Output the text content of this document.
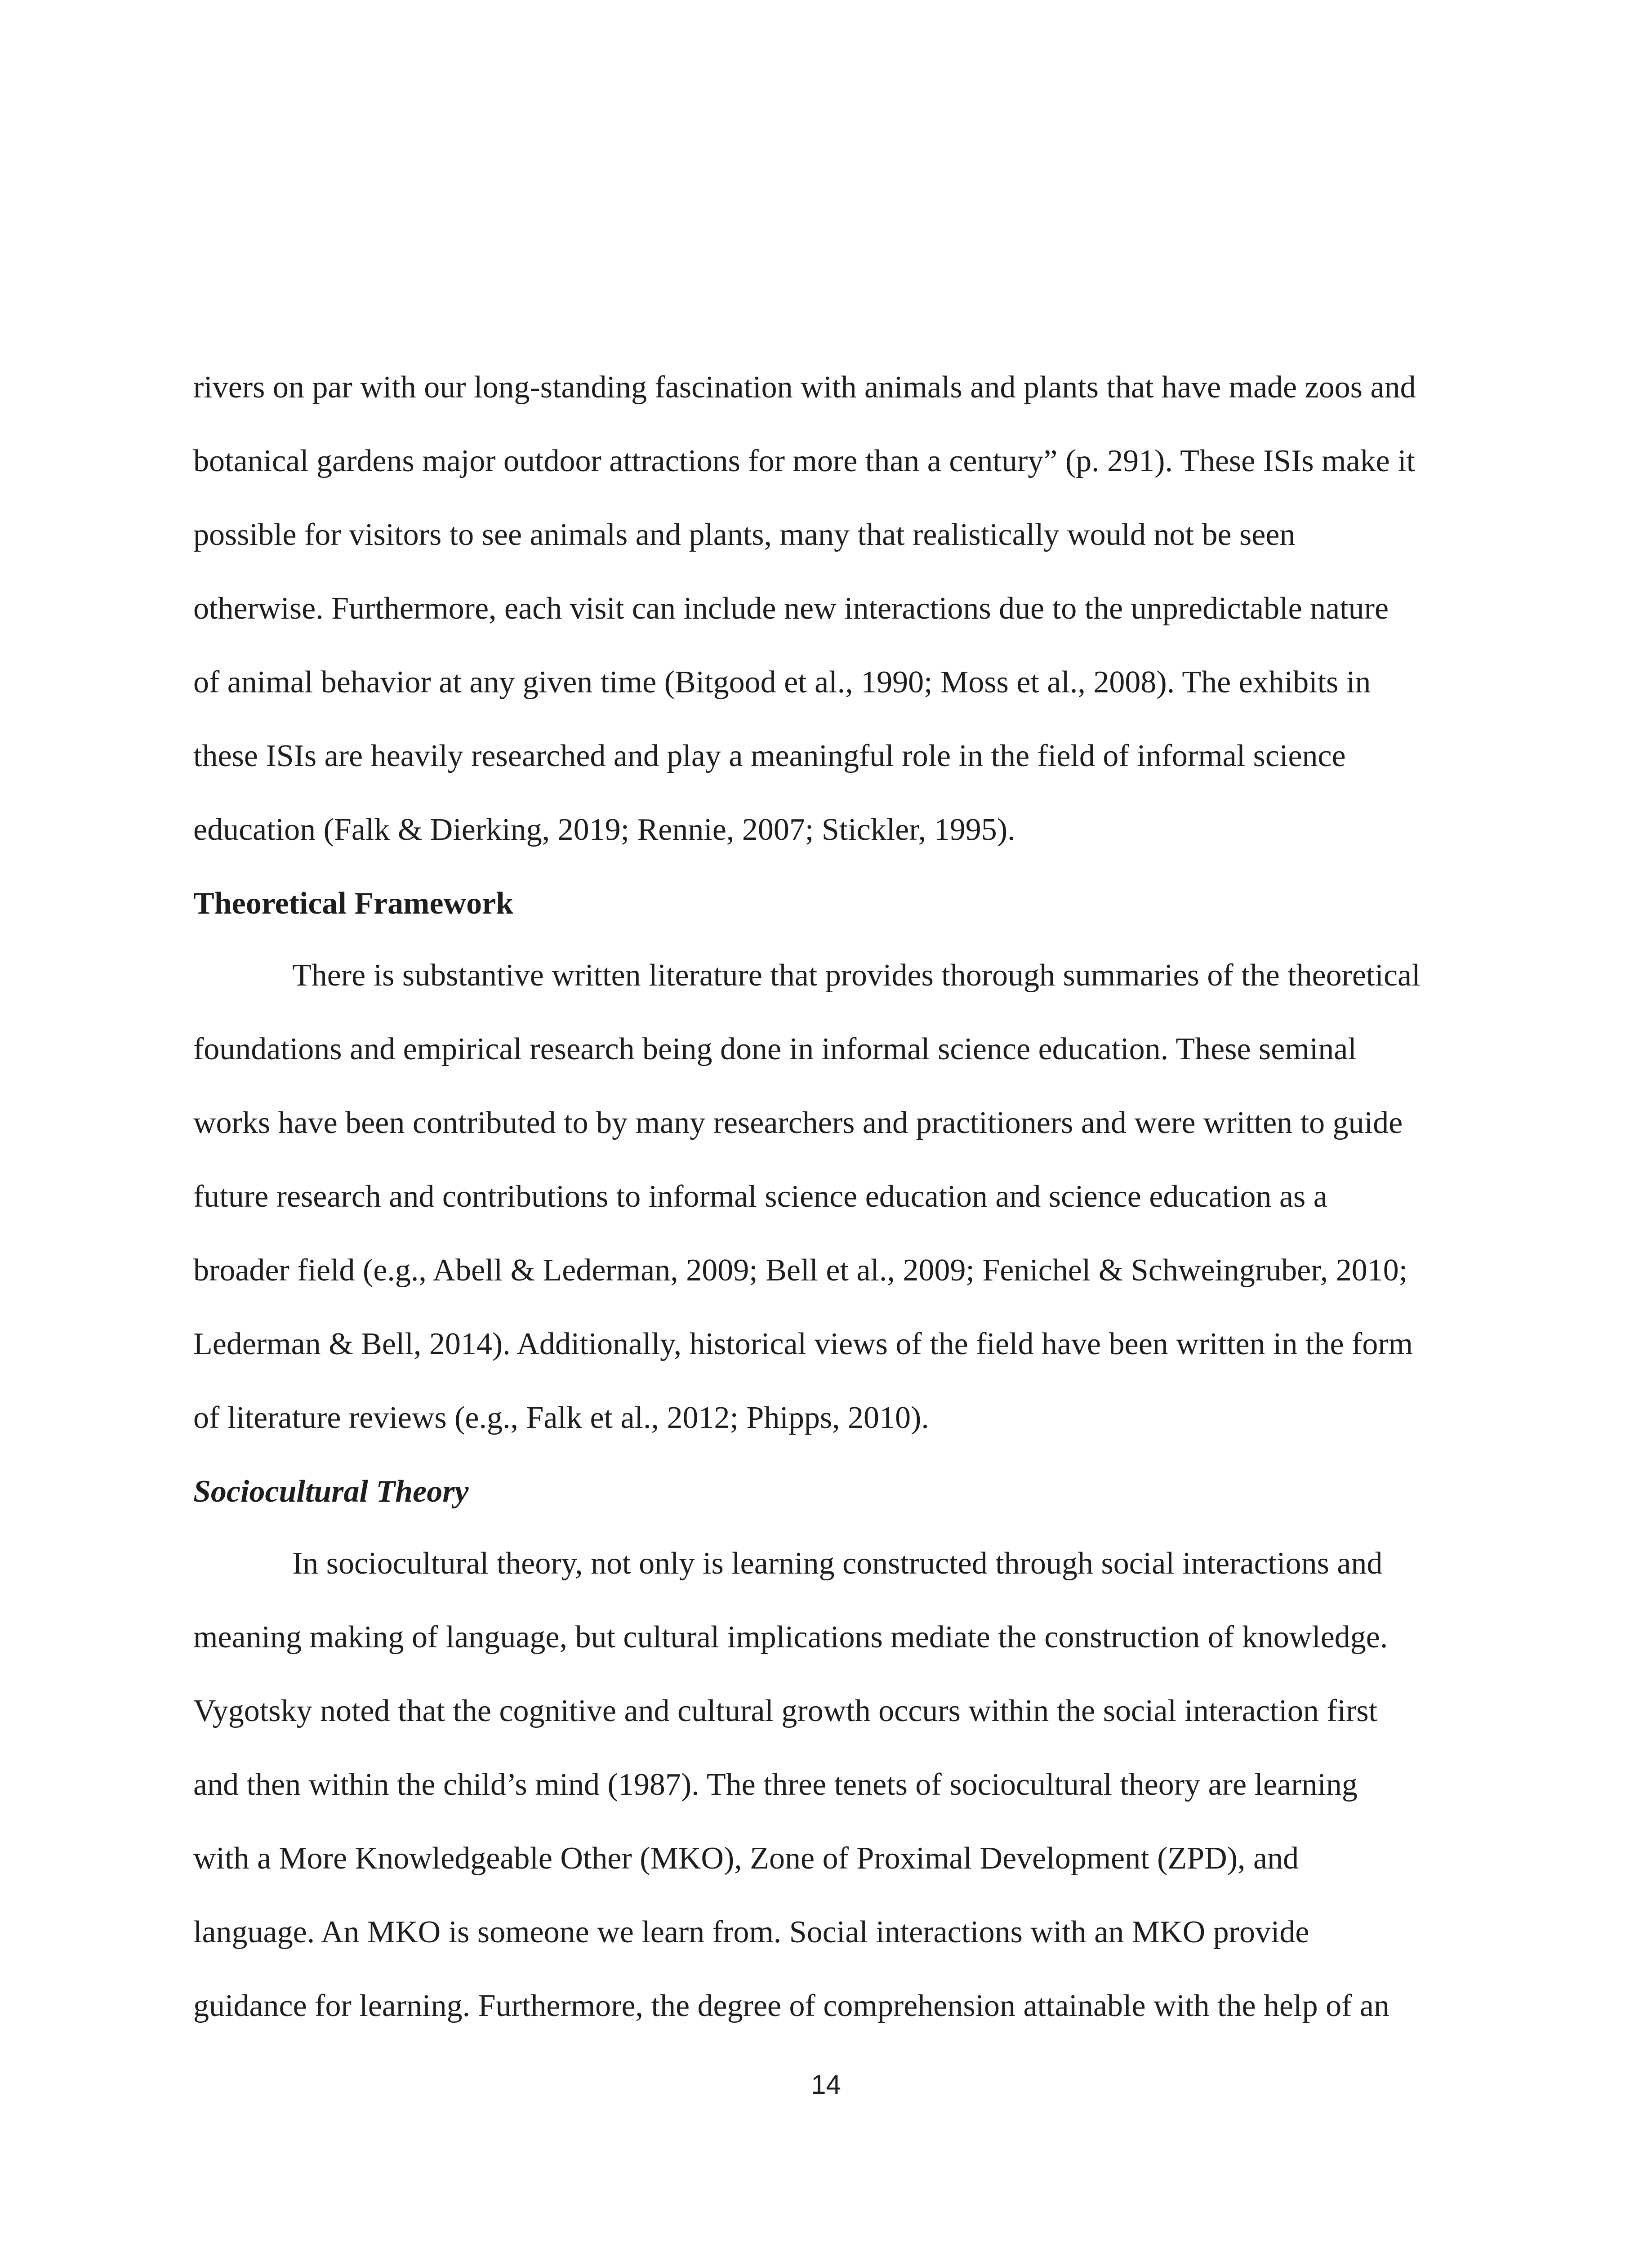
rivers on par with our long-standing fascination with animals and plants that have made zoos and
botanical gardens major outdoor attractions for more than a century” (p. 291). These ISIs make it
possible for visitors to see animals and plants, many that realistically would not be seen
otherwise. Furthermore, each visit can include new interactions due to the unpredictable nature
of animal behavior at any given time (Bitgood et al., 1990; Moss et al., 2008). The exhibits in
these ISIs are heavily researched and play a meaningful role in the field of informal science
education (Falk & Dierking, 2019; Rennie, 2007; Stickler, 1995).
Theoretical Framework
There is substantive written literature that provides thorough summaries of the theoretical
foundations and empirical research being done in informal science education. These seminal
works have been contributed to by many researchers and practitioners and were written to guide
future research and contributions to informal science education and science education as a
broader field (e.g., Abell & Lederman, 2009; Bell et al., 2009; Fenichel & Schweingruber, 2010;
Lederman & Bell, 2014). Additionally, historical views of the field have been written in the form
of literature reviews (e.g., Falk et al., 2012; Phipps, 2010).
Sociocultural Theory
In sociocultural theory, not only is learning constructed through social interactions and
meaning making of language, but cultural implications mediate the construction of knowledge.
Vygotsky noted that the cognitive and cultural growth occurs within the social interaction first
and then within the child’s mind (1987). The three tenets of sociocultural theory are learning
with a More Knowledgeable Other (MKO), Zone of Proximal Development (ZPD), and
language. An MKO is someone we learn from. Social interactions with an MKO provide
guidance for learning. Furthermore, the degree of comprehension attainable with the help of an
14
